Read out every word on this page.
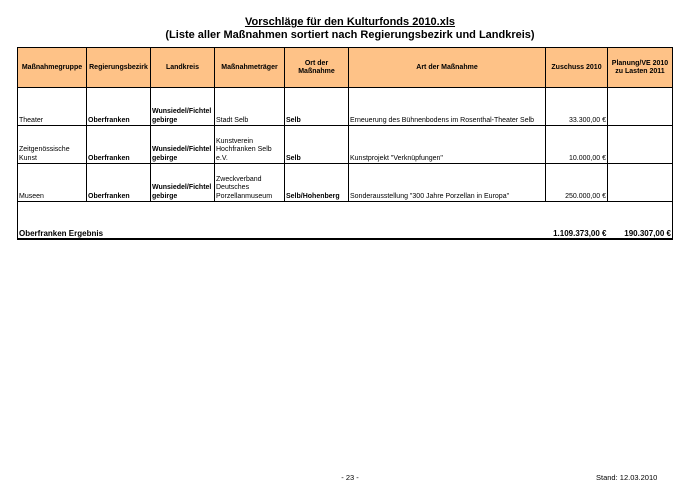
Vorschläge für den Kulturfonds 2010.xls
(Liste aller Maßnahmen sortiert nach Regierungsbezirk und Landkreis)
Maßnahmegruppe	Regierungsbezirk	Landkreis	Maßnahmeträger	Ort der Maßnahme	Art der Maßnahme	Zuschuss 2010	Planung/VE 2010 zu Lasten 2011
Theater	Oberfranken	Wunsiedel/Fichtel gebirge	Stadt Selb	Selb	Erneuerung des Bühnenbodens im Rosenthal-Theater Selb	33.300,00 €	
Zeitgenössische Kunst	Oberfranken	Wunsiedel/Fichtel gebirge	Kunstverein Hochfranken Selb e.V.	Selb	Kunstprojekt "Verknüpfungen"	10.000,00 €	
Museen	Oberfranken	Wunsiedel/Fichtel gebirge	Zweckverband Deutsches Porzellanmuseum	Selb/Hohenberg	Sonderausstellung "300 Jahre Porzellan in Europa"	250.000,00 €	
Oberfranken Ergebnis						1.109.373,00 €	190.307,00 €
- 23 -	Stand: 12.03.2010
